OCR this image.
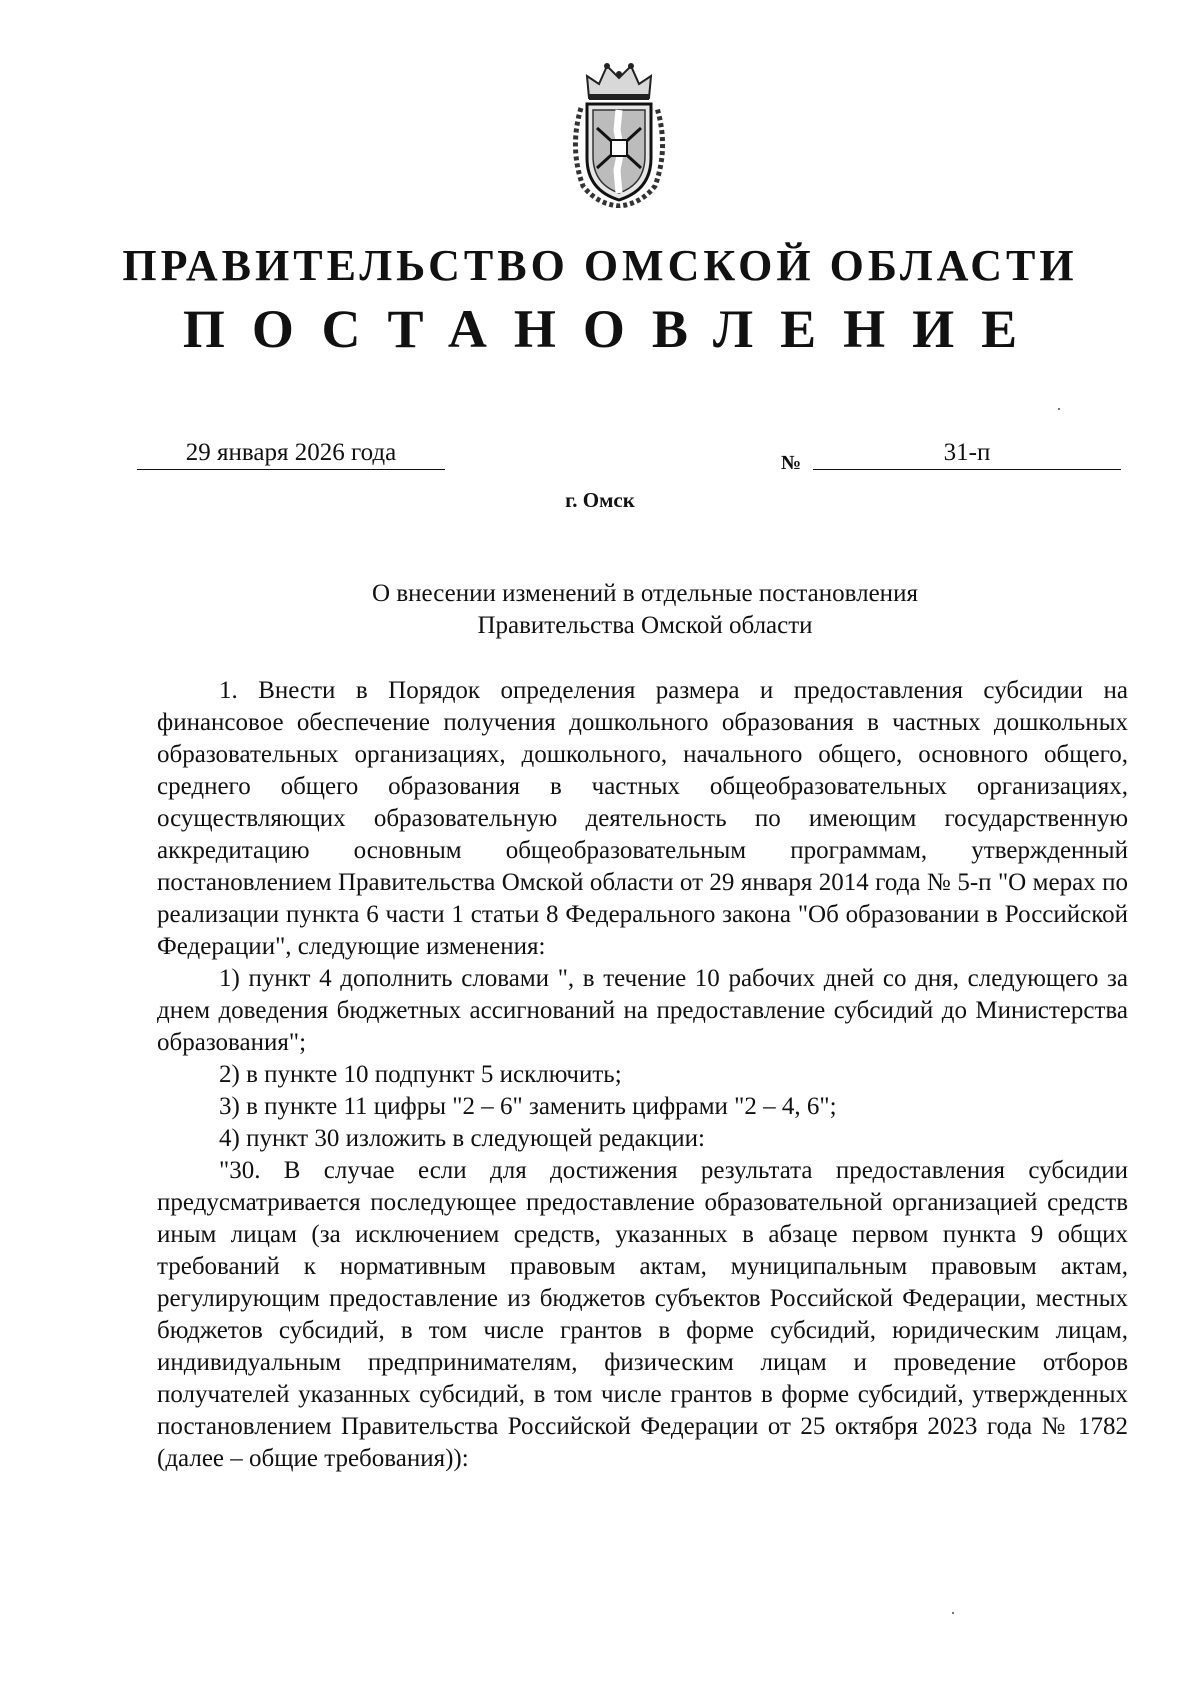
ПРАВИТЕЛЬСТВО ОМСКОЙ ОБЛАСТИ
ПОСТАНОВЛЕНИЕ
29 января 2026 года	№	31-п
г. Омск
О внесении изменений в отдельные постановления
Правительства Омской области

1. Внести в Порядок определения размера и предоставления субсидии на финансовое обеспечение получения дошкольного образования в частных дошкольных образовательных организациях, дошкольного, начального общего, основного общего, среднего общего образования в частных общеобразовательных организациях, осуществляющих образовательную деятельность по имеющим государственную аккредитацию основным общеобразовательным программам, утвержденный постановлением Правительства Омской области от 29 января 2014 года № 5-п "О мерах по реализации пункта 6 части 1 статьи 8 Федерального закона "Об образовании в Российской Федерации", следующие изменения:

1) пункт 4 дополнить словами ", в течение 10 рабочих дней со дня, следующего за днем доведения бюджетных ассигнований на предоставление субсидий до Министерства образования";

2) в пункте 10 подпункт 5 исключить;

3) в пункте 11 цифры "2 – 6" заменить цифрами "2 – 4, 6";

4) пункт 30 изложить в следующей редакции:

"30. В случае если для достижения результата предоставления субсидии предусматривается последующее предоставление образовательной организацией средств иным лицам (за исключением средств, указанных в абзаце первом пункта 9 общих требований к нормативным правовым актам, муниципальным правовым актам, регулирующим предоставление из бюджетов субъектов Российской Федерации, местных бюджетов субсидий, в том числе грантов в форме субсидий, юридическим лицам, индивидуальным предпринимателям, физическим лицам и проведение отборов получателей указанных субсидий, в том числе грантов в форме субсидий, утвержденных постановлением Правительства Российской Федерации от 25 октября 2023 года № 1782 (далее – общие требования)):
